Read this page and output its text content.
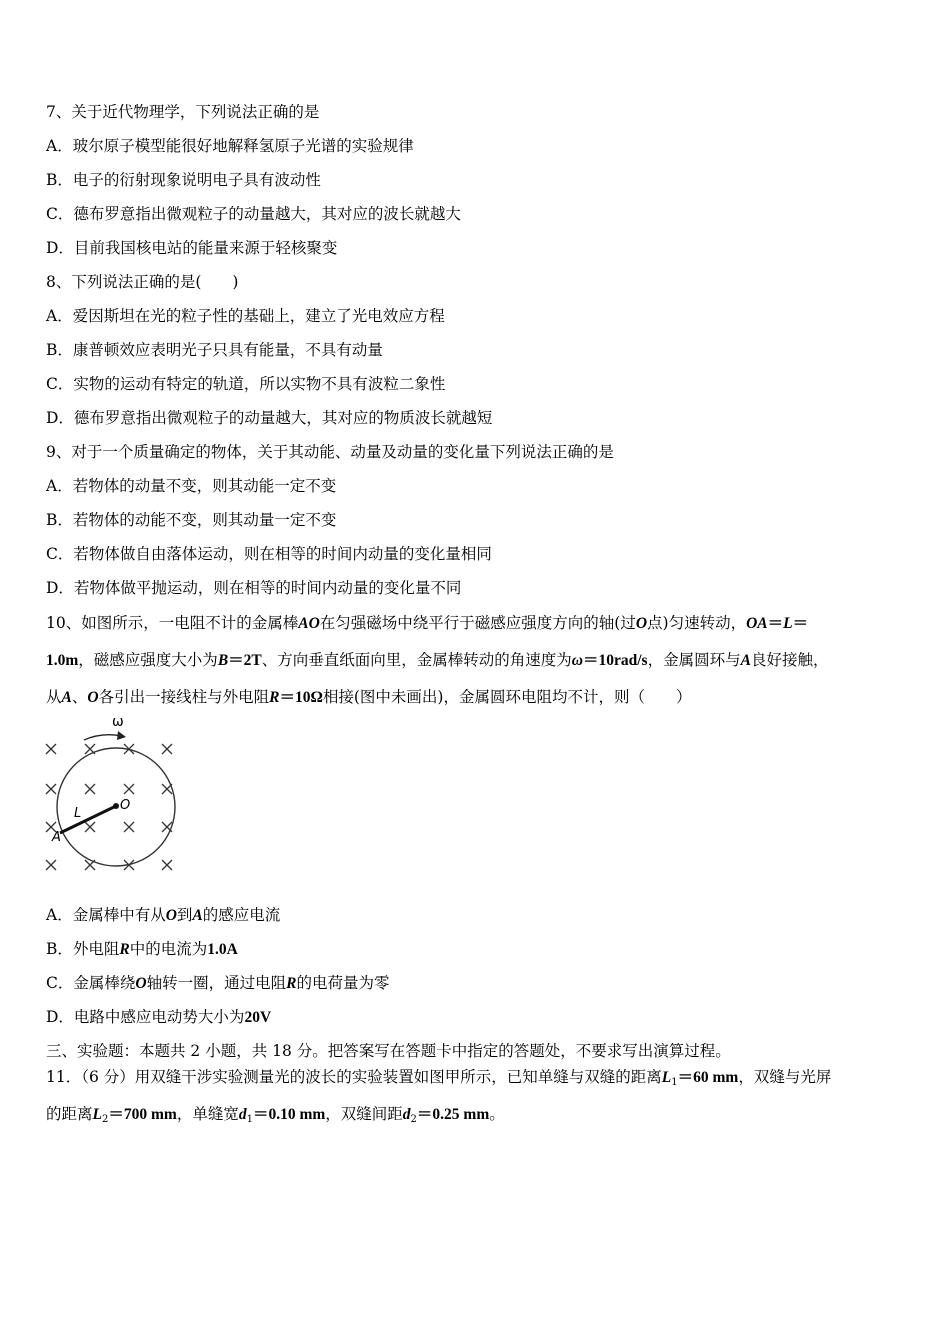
7、关于近代物理学，下列说法正确的是
A．玻尔原子模型能很好地解释氢原子光谱的实验规律
B．电子的衍射现象说明电子具有波动性
C．德布罗意指出微观粒子的动量越大，其对应的波长就越大
D．目前我国核电站的能量来源于轻核聚变
8、下列说法正确的是(　　)
A．爱因斯坦在光的粒子性的基础上，建立了光电效应方程
B．康普顿效应表明光子只具有能量，不具有动量
C．实物的运动有特定的轨道，所以实物不具有波粒二象性
D．德布罗意指出微观粒子的动量越大，其对应的物质波长就越短
9、对于一个质量确定的物体，关于其动能、动量及动量的变化量下列说法正确的是
A．若物体的动量不变，则其动能一定不变
B．若物体的动能不变，则其动量一定不变
C．若物体做自由落体运动，则在相等的时间内动量的变化量相同
D．若物体做平抛运动，则在相等的时间内动量的变化量不同
10、如图所示，一电阻不计的金属棒AO在匀强磁场中绕平行于磁感应强度方向的轴(过O点)匀速转动，OA＝L＝
1.0m，磁感应强度大小为B＝2T、方向垂直纸面向里，金属棒转动的角速度为ω＝10rad/s，金属圆环与A良好接触，
从A、O各引出一接线柱与外电阻R＝10Ω相接(图中未画出)，金属圆环电阻均不计，则（　　）
ω
O
L
A
A．金属棒中有从O到A的感应电流
B．外电阻R中的电流为1.0A
C．金属棒绕O轴转一圈，通过电阻R的电荷量为零
D．电路中感应电动势大小为20V
三、实验题：本题共 2 小题，共 18 分。把答案写在答题卡中指定的答题处，不要求写出演算过程。
11．（6 分）用双缝干涉实验测量光的波长的实验装置如图甲所示，已知单缝与双缝的距离$L_1=60$ mm，双缝与光屏
的距离$L_2=700$ mm，单缝宽$d_1=0.10$ mm，双缝间距$d_2=0.25$ mm。
